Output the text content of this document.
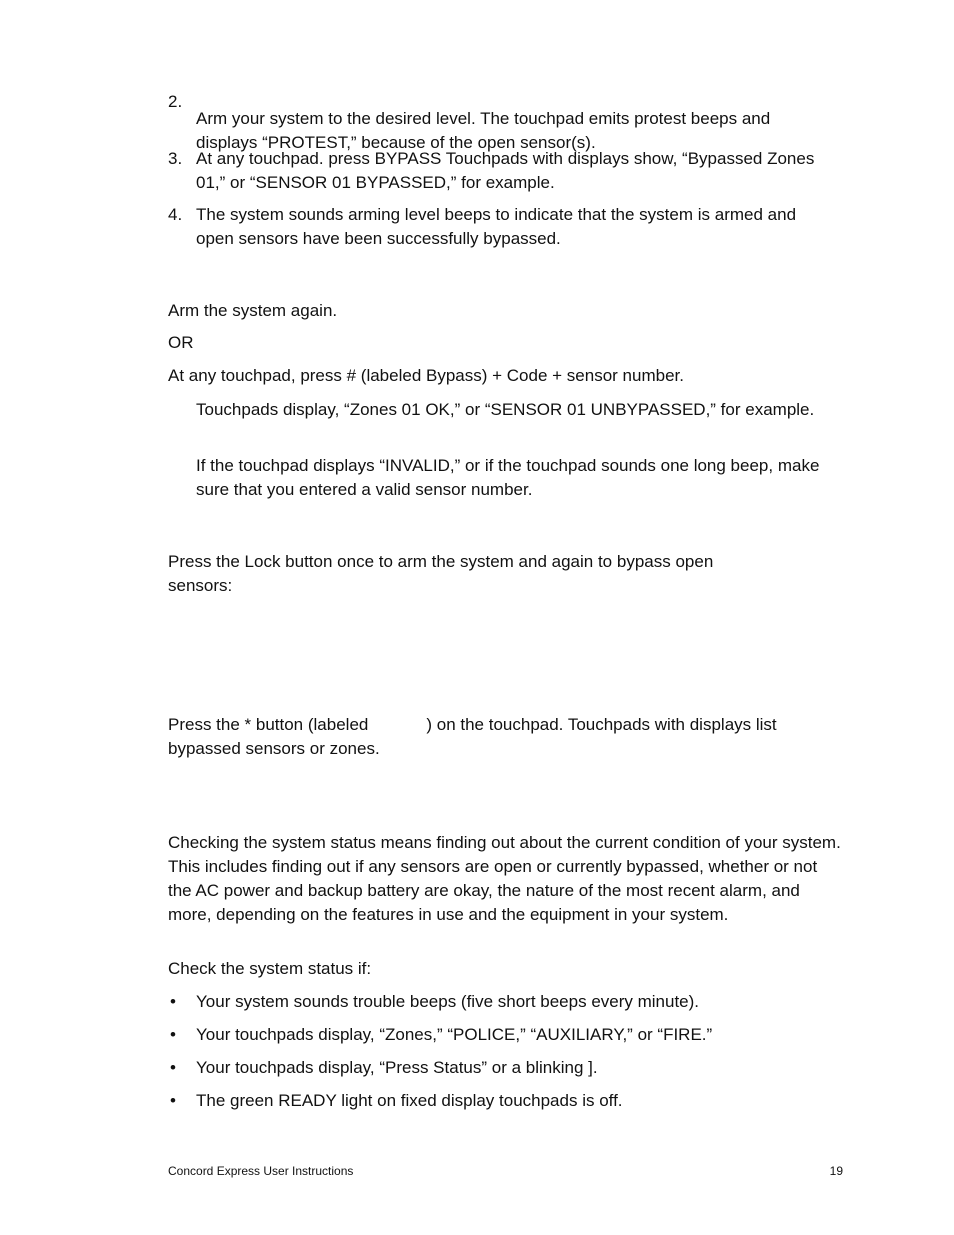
2.

Arm your system to the desired level. The touchpad emits protest beeps and displays “PROTEST,” because of the open sensor(s).

3. At any touchpad. press BYPASS Touchpads with displays show, “Bypassed Zones 01,” or “SENSOR 01 BYPASSED,” for example.

4. The system sounds arming level beeps to indicate that the system is armed and open sensors have been successfully bypassed.

Arm the system again.

OR

At any touchpad, press # (labeled Bypass) + Code + sensor number.

Touchpads display, “Zones 01 OK,” or “SENSOR 01 UNBYPASSED,” for example.

If the touchpad displays “INVALID,” or if the touchpad sounds one long beep, make sure that you entered a valid sensor number.

Press the Lock button once to arm the system and again to bypass open sensors:

Press the * button (labeled	) on the touchpad. Touchpads with displays list bypassed sensors or zones.

Checking the system status means finding out about the current condition of your system. This includes finding out if any sensors are open or currently bypassed, whether or not the AC power and backup battery are okay, the nature of the most recent alarm, and more, depending on the features in use and the equipment in your system.

Check the system status if:

•	Your system sounds trouble beeps (five short beeps every minute).

•	Your touchpads display, “Zones,” “POLICE,” “AUXILIARY,” or “FIRE.”

•	Your touchpads display, “Press Status” or a blinking ].

•	The green READY light on fixed display touchpads is off.

Concord Express User Instructions	19
